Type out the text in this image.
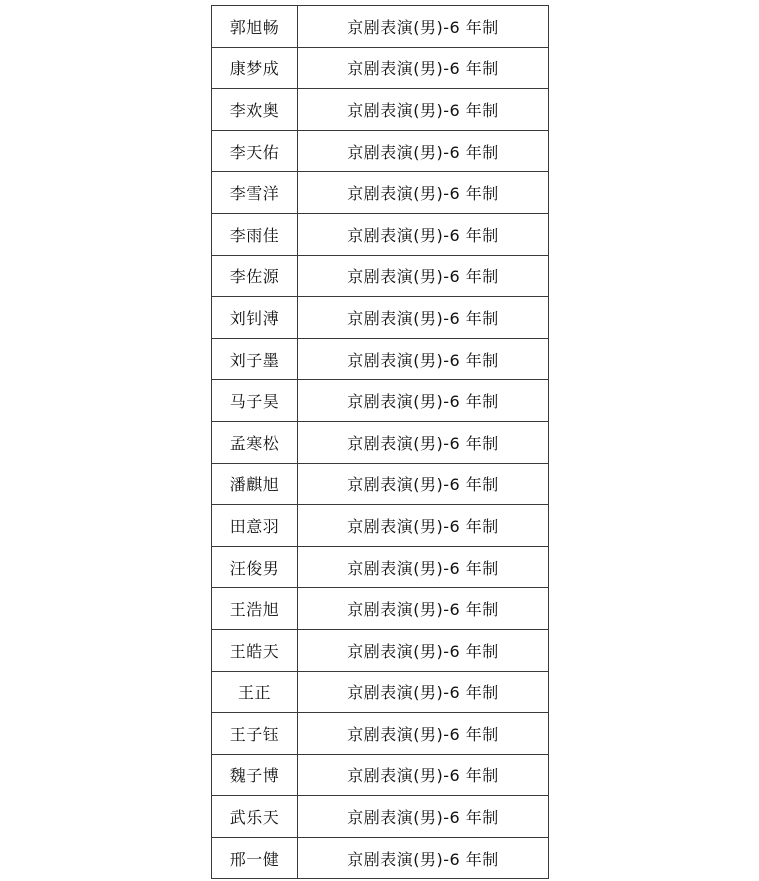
郭旭畅	京剧表演(男)-6 年制
康梦成	京剧表演(男)-6 年制
李欢奥	京剧表演(男)-6 年制
李天佑	京剧表演(男)-6 年制
李雪洋	京剧表演(男)-6 年制
李雨佳	京剧表演(男)-6 年制
李佐源	京剧表演(男)-6 年制
刘钊溥	京剧表演(男)-6 年制
刘子墨	京剧表演(男)-6 年制
马子昊	京剧表演(男)-6 年制
孟寒松	京剧表演(男)-6 年制
潘麒旭	京剧表演(男)-6 年制
田意羽	京剧表演(男)-6 年制
汪俊男	京剧表演(男)-6 年制
王浩旭	京剧表演(男)-6 年制
王皓天	京剧表演(男)-6 年制
王正	京剧表演(男)-6 年制
王子钰	京剧表演(男)-6 年制
魏子博	京剧表演(男)-6 年制
武乐天	京剧表演(男)-6 年制
邢一健	京剧表演(男)-6 年制
